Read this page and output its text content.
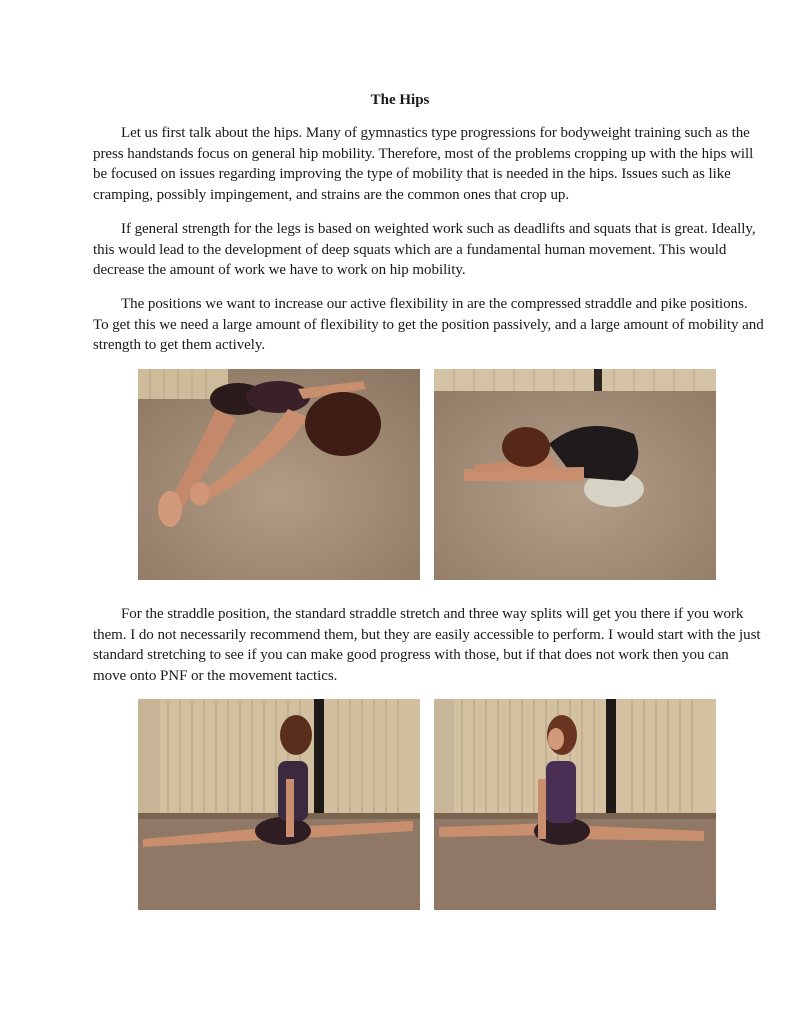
The Hips

Let us first talk about the hips. Many of gymnastics type progressions for bodyweight training such as the press handstands focus on general hip mobility. Therefore, most of the problems cropping up with the hips will be focused on issues regarding improving the type of mobility that is needed in the hips. Issues such as like cramping, possibly impingement, and strains are the common ones that crop up.

If general strength for the legs is based on weighted work such as deadlifts and squats that is great. Ideally, this would lead to the development of deep squats which are a fundamental human movement. This would decrease the amount of work we have to work on hip mobility.

The positions we want to increase our active flexibility in are the compressed straddle and pike positions. To get this we need a large amount of flexibility to get the position passively, and a large amount of mobility and strength to get them actively.

For the straddle position, the standard straddle stretch and three way splits will get you there if you work them. I do not necessarily recommend them, but they are easily accessible to perform. I would start with the just standard stretching to see if you can make good progress with those, but if that does not work then you can move onto PNF or the movement tactics.
